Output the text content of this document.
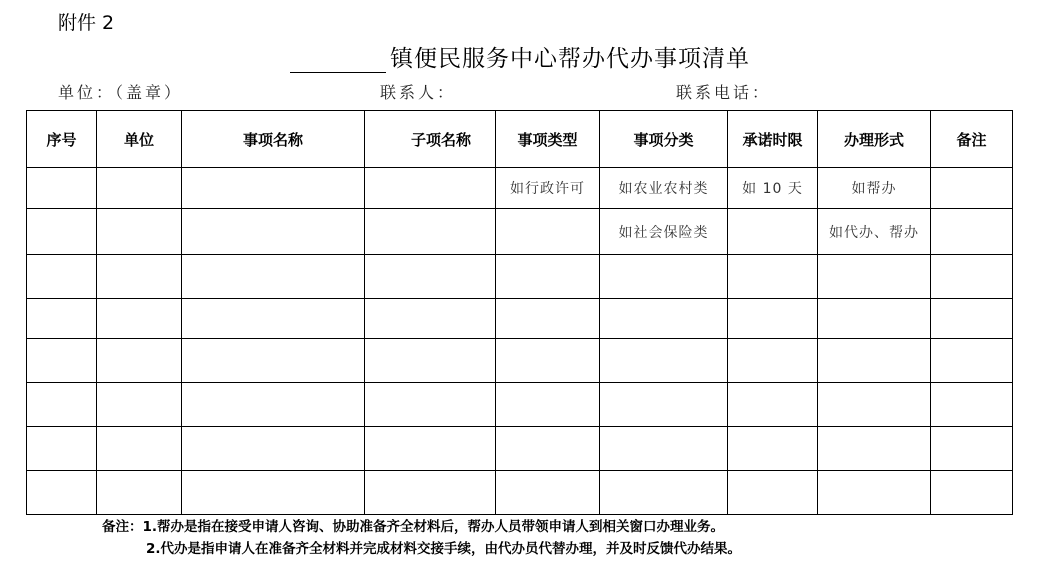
附件 2
镇便民服务中心帮办代办事项清单
单位：（盖章）	联系人：	联系电话：
序号	单位	事项名称	子项名称	事项类型	事项分类	承诺时限	办理形式	备注
				如行政许可	如农业农村类	如 10 天	如帮办	
					如社会保险类		如代办、帮办	

备注：1.帮办是指在接受申请人咨询、协助准备齐全材料后，帮办人员带领申请人到相关窗口办理业务。
2.代办是指申请人在准备齐全材料并完成材料交接手续，由代办员代替办理，并及时反馈代办结果。
